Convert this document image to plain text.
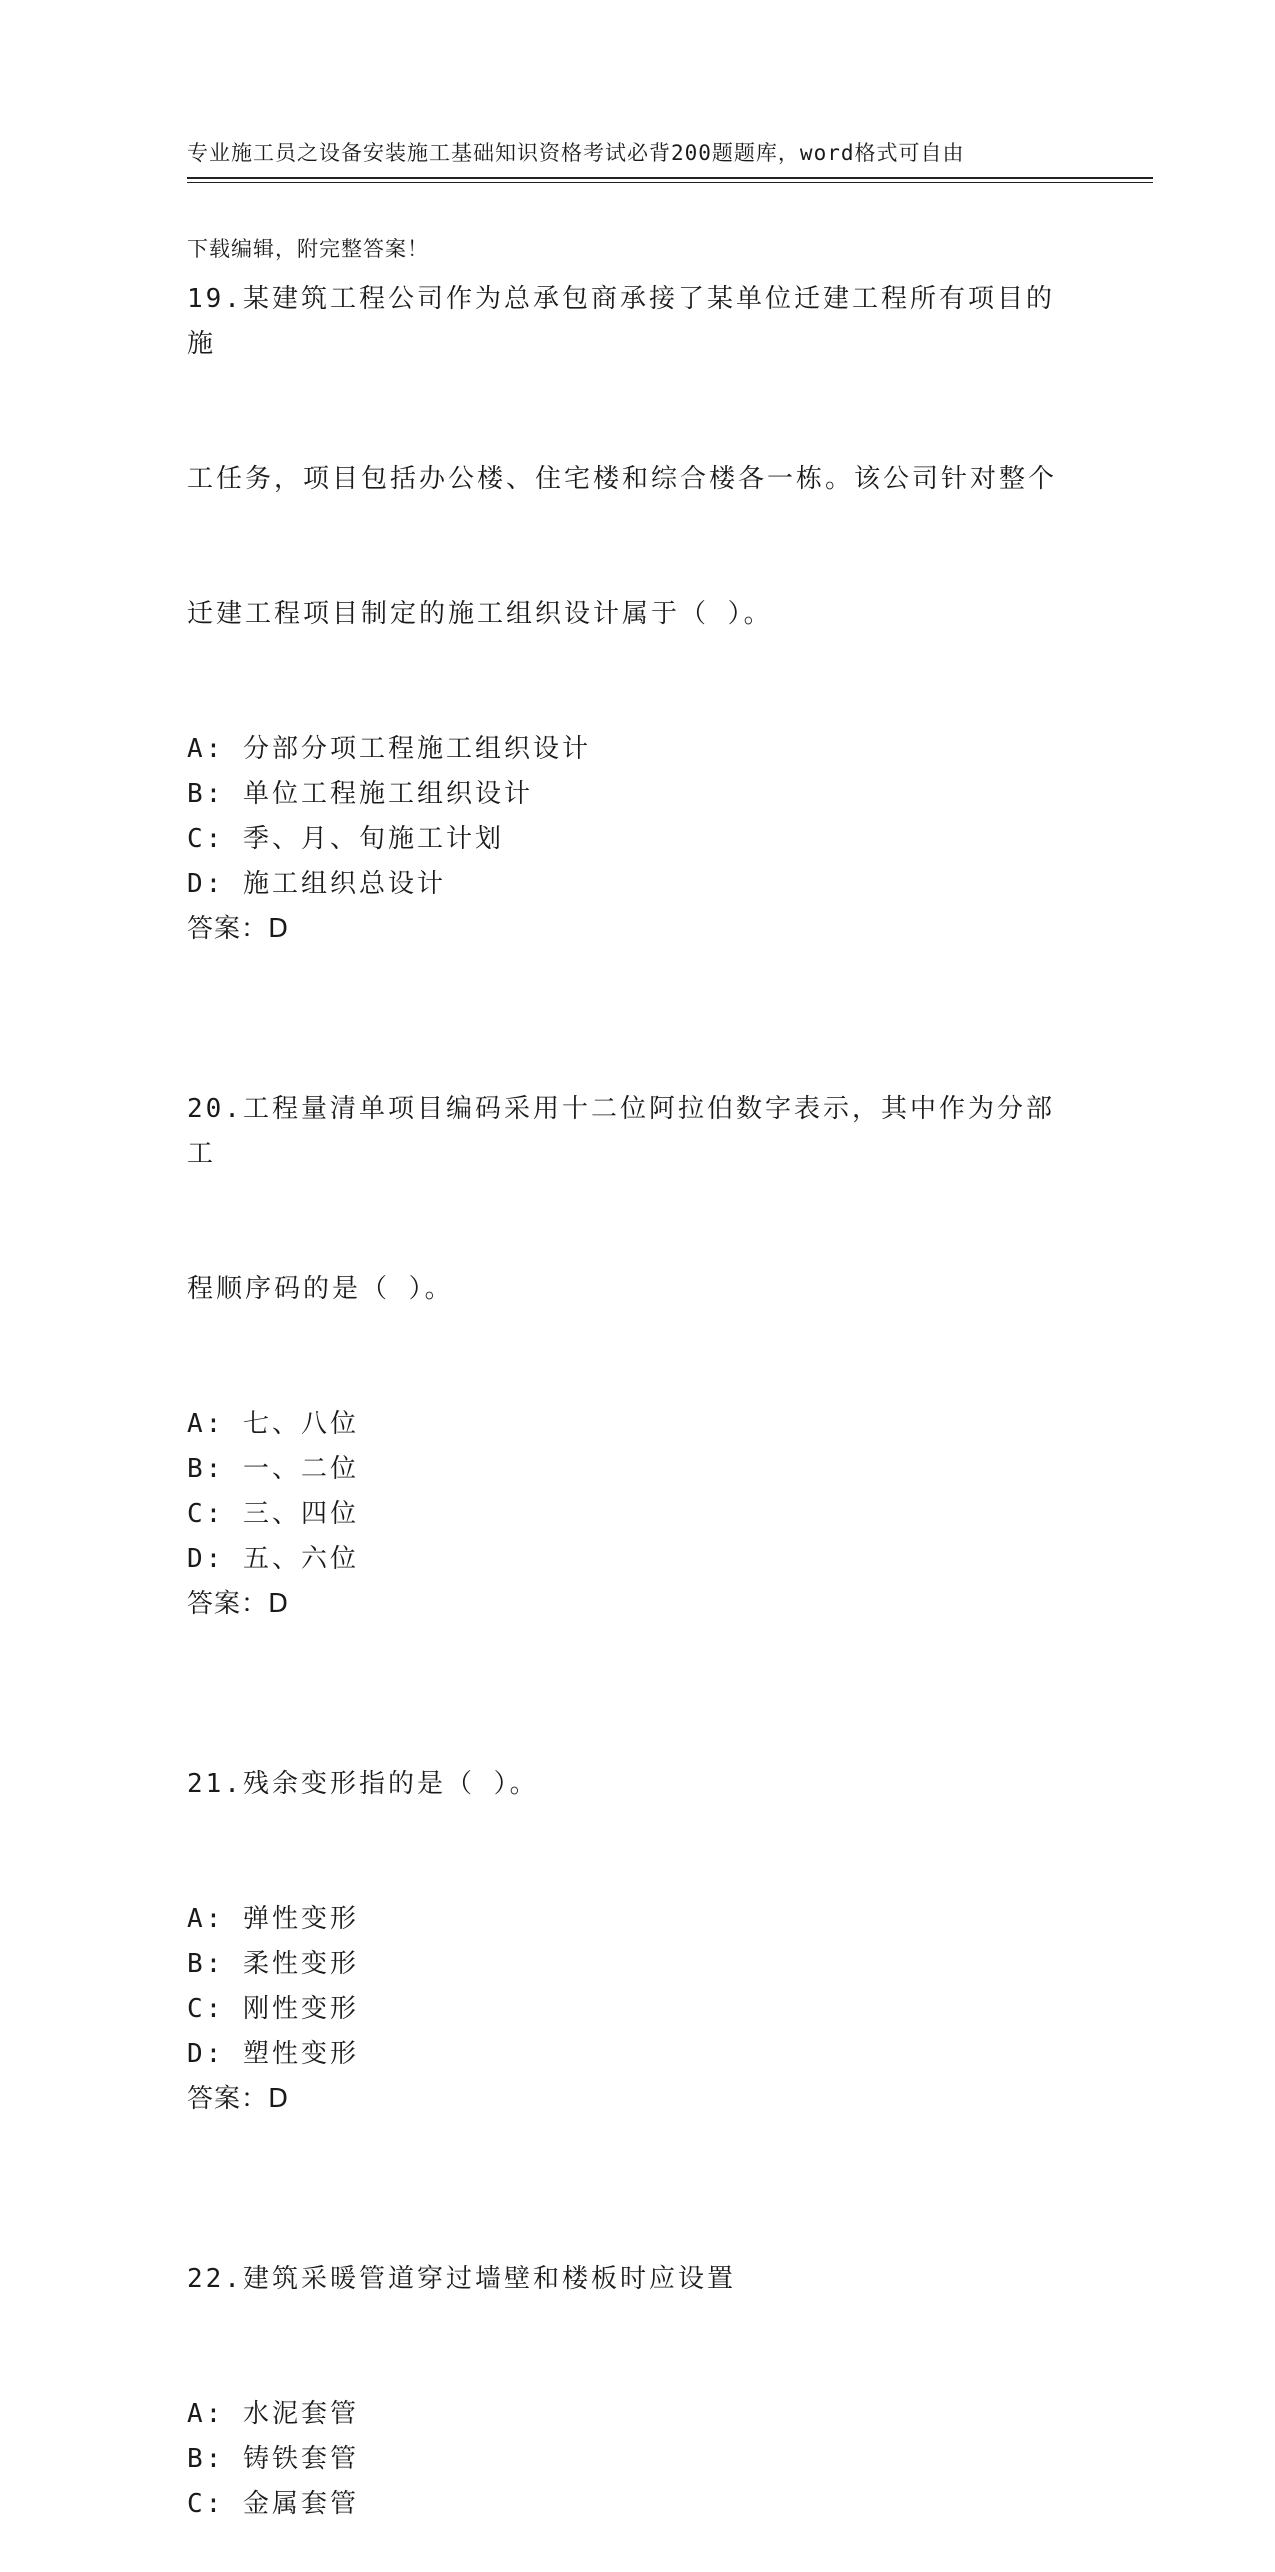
专业施工员之设备安装施工基础知识资格考试必背200题题库，word格式可自由

下载编辑，附完整答案！

19.某建筑工程公司作为总承包商承接了某单位迁建工程所有项目的施

工任务，项目包括办公楼、住宅楼和综合楼各一栋。该公司针对整个

迁建工程项目制定的施工组织设计属于（ ）。

A: 分部分项工程施工组织设计
B: 单位工程施工组织设计
C: 季、月、旬施工计划
D: 施工组织总设计
答案：D

20.工程量清单项目编码采用十二位阿拉伯数字表示，其中作为分部工

程顺序码的是（ ）。

A: 七、八位
B: 一、二位
C: 三、四位
D: 五、六位
答案：D

21.残余变形指的是（ ）。

A: 弹性变形
B: 柔性变形
C: 刚性变形
D: 塑性变形
答案：D

22.建筑采暖管道穿过墙壁和楼板时应设置

A: 水泥套管
B: 铸铁套管
C: 金属套管
